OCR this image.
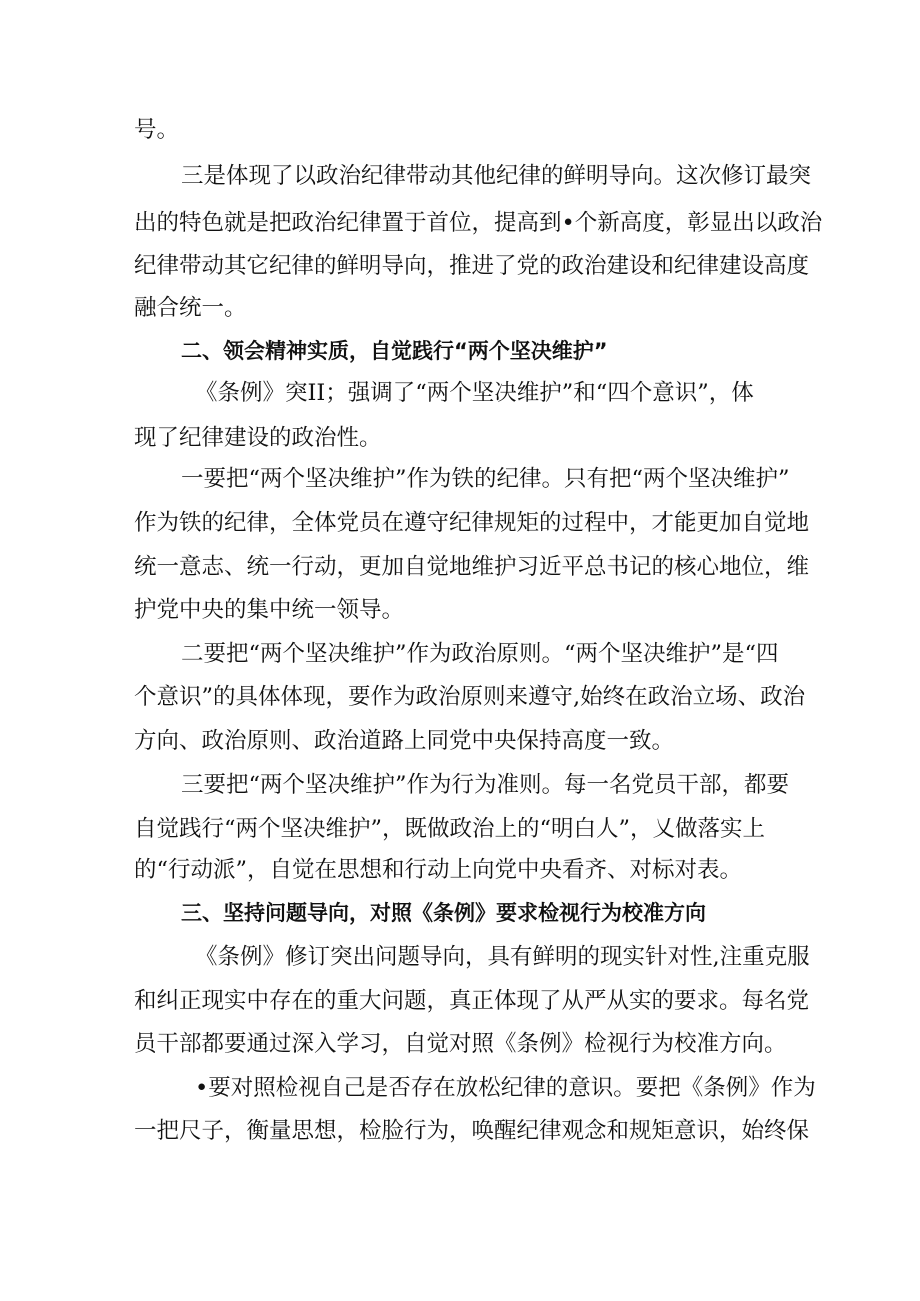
号。
三是体现了以政治纪律带动其他纪律的鲜明导向。这次修订最突
出的特色就是把政治纪律置于首位，提高到•个新高度，彰显出以政治
纪律带动其它纪律的鲜明导向，推进了党的政治建设和纪律建设高度
融合统一。
二、领会精神实质，自觉践行“两个坚决维护”
《条例》突II；强调了“两个坚决维护”和“四个意识”，体
现了纪律建设的政治性。
一要把“两个坚决维护”作为铁的纪律。只有把“两个坚决维护”
作为铁的纪律，全体党员在遵守纪律规矩的过程中，才能更加自觉地
统一意志、统一行动，更加自觉地维护习近平总书记的核心地位，维
护党中央的集中统一领导。
二要把“两个坚决维护”作为政治原则。“两个坚决维护”是“四
个意识”的具体体现，要作为政治原则来遵守,始终在政治立场、政治
方向、政治原则、政治道路上同党中央保持高度一致。
三要把“两个坚决维护”作为行为准则。每一名党员干部，都要
自觉践行“两个坚决维护”，既做政治上的“明白人”，乂做落实上
的“行动派”，自觉在思想和行动上向党中央看齐、对标对表。
三、坚持问题导向，对照《条例》要求检视行为校准方向
《条例》修订突出问题导向，具有鲜明的现实针对性,注重克服
和纠正现实中存在的重大问题，真正体现了从严从实的要求。每名党
员干部都要通过深入学习，自觉对照《条例》检视行为校准方向。
•要对照检视自己是否存在放松纪律的意识。要把《条例》作为
一把尺子，衡量思想，检脸行为，唤醒纪律观念和规矩意识，始终保
